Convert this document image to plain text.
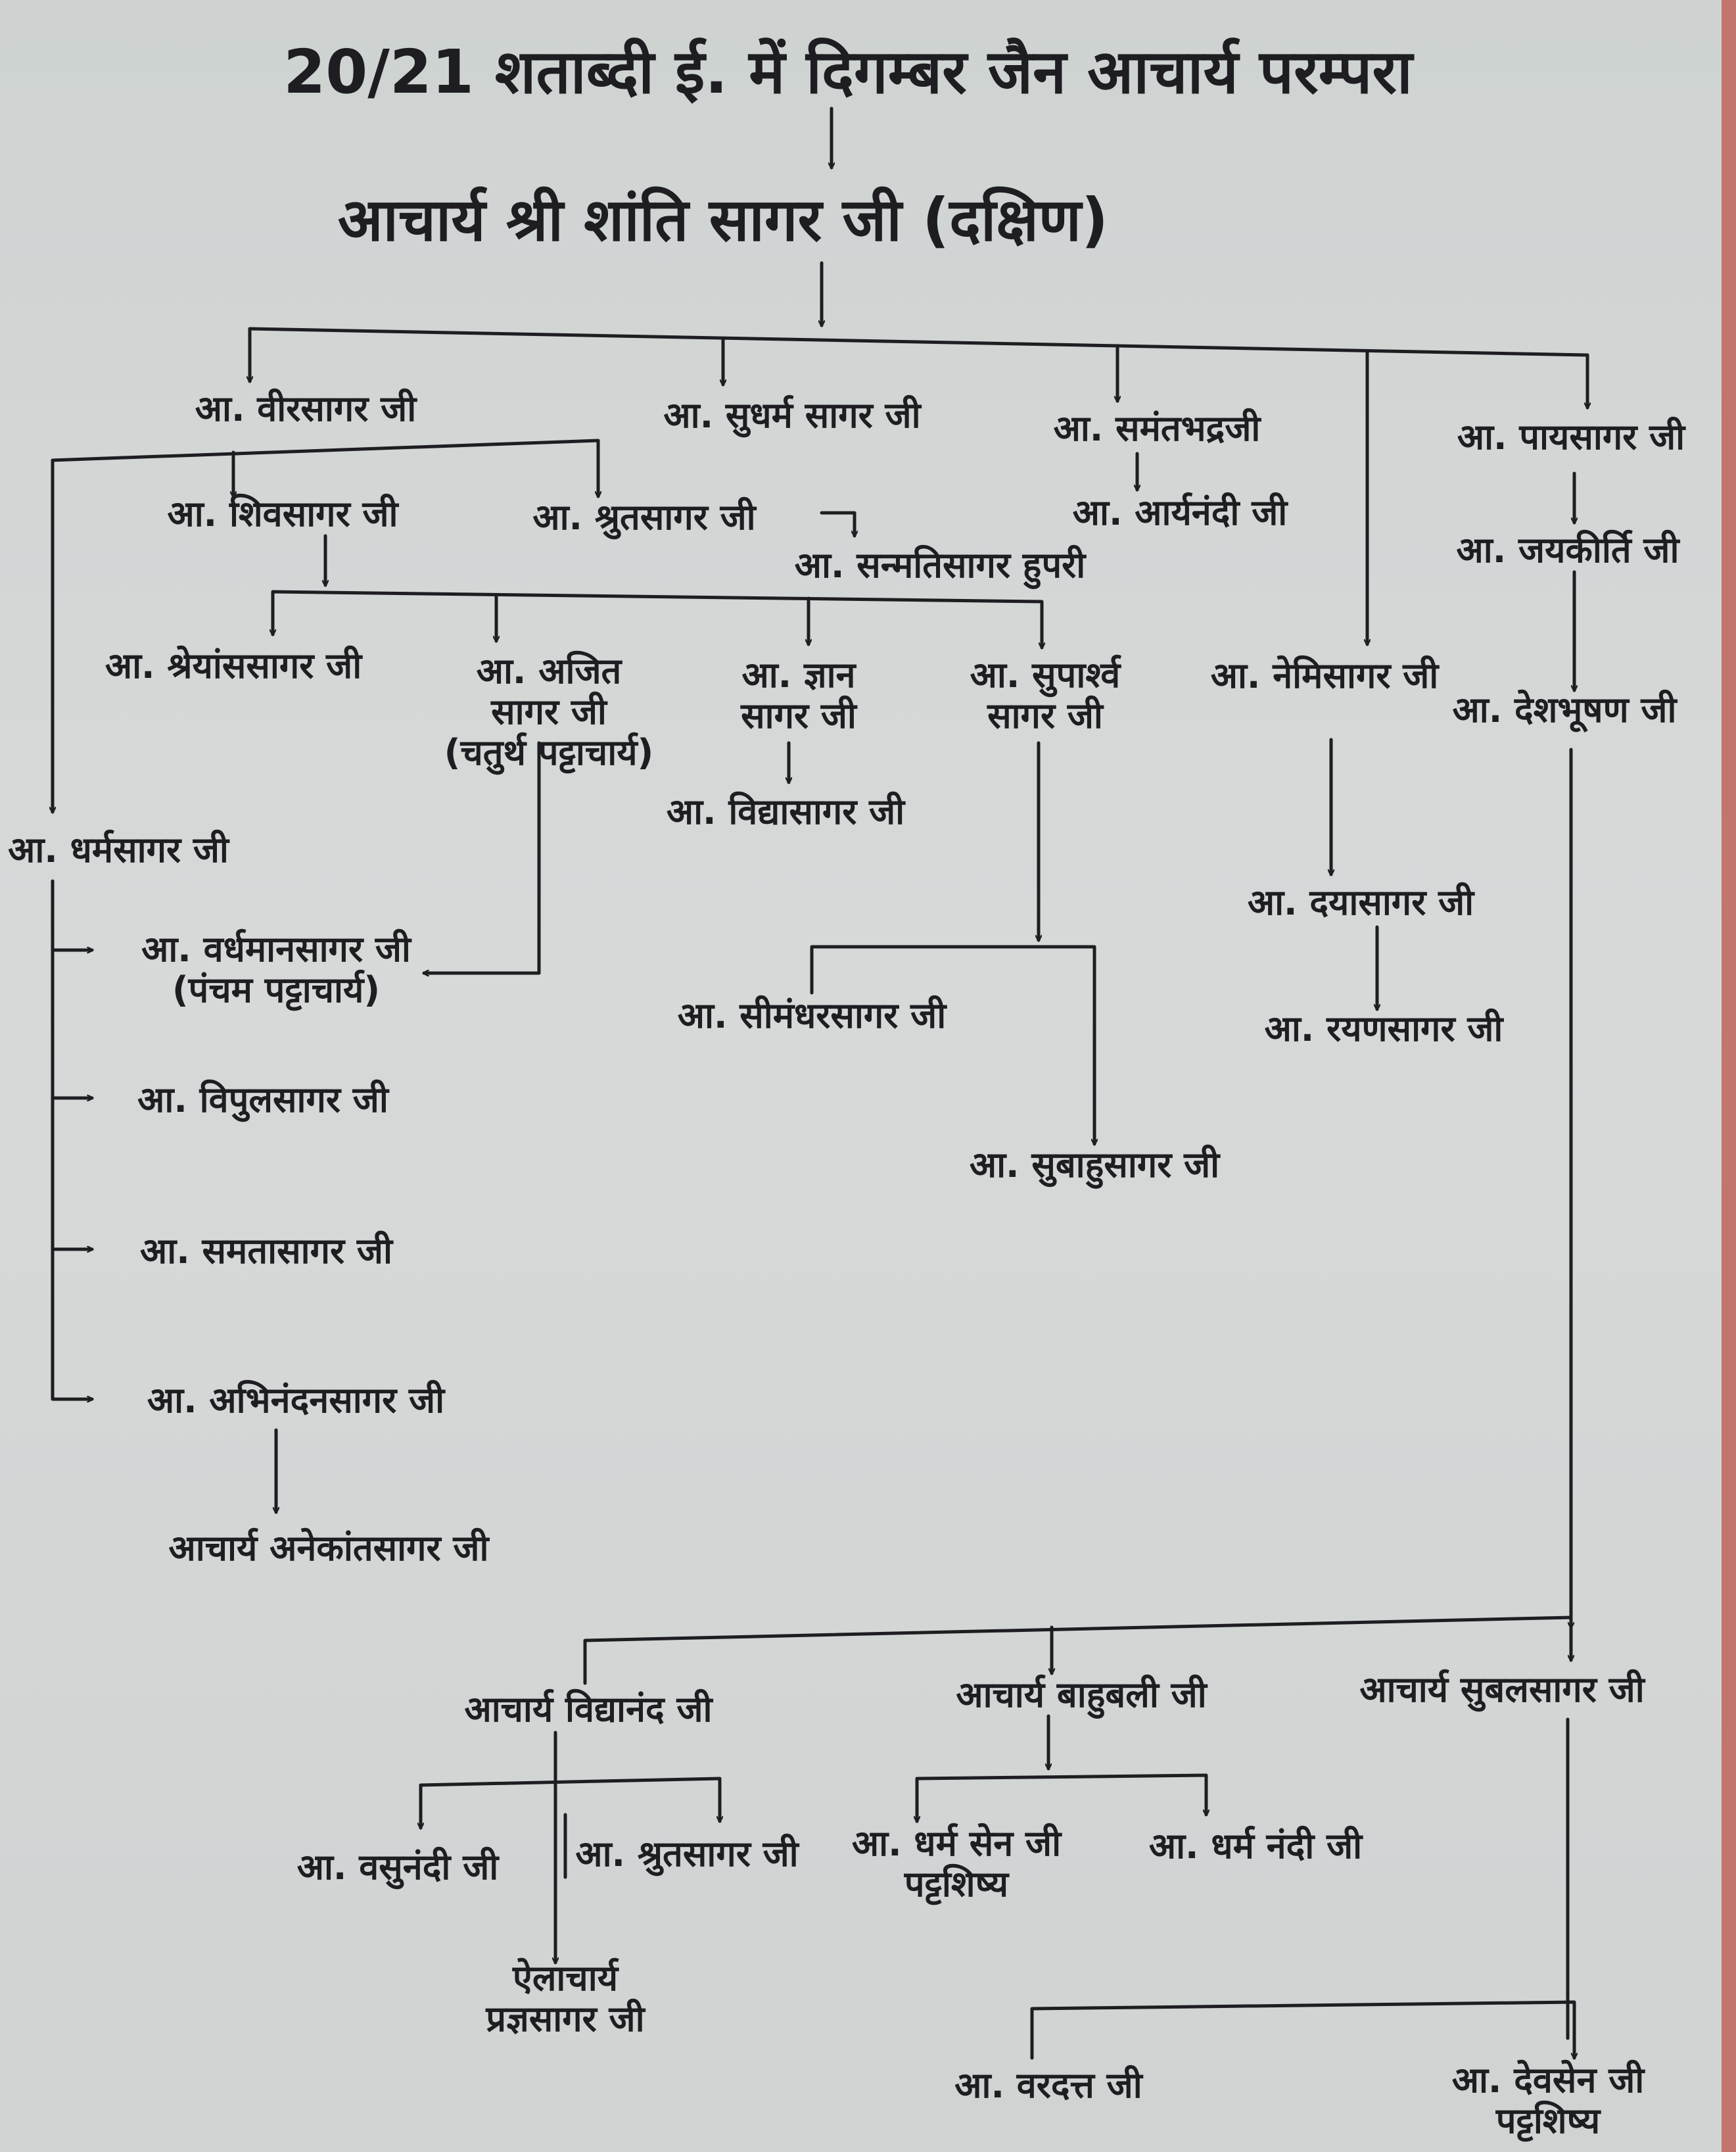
20/21 शताब्दी ई. में दिगम्बर जैन आचार्य परम्परा
आचार्य श्री शांति सागर जी (दक्षिण)
आ. वीरसागर जी	आ. सुधर्म सागर जी	आ. समंतभद्रजी	आ. पायसागर जी
आ. शिवसागर जी	आ. श्रुतसागर जी
आ. सन्मतिसागर हुपरी
आ. आर्यनंदी जी
आ. जयकीर्ति जी
आ. श्रेयांससागर जी	आ. अजित
सागर जी
(चतुर्थ पट्टाचार्य)
आ. ज्ञान
सागर जी
आ. सुपार्श्व
सागर जी
आ. नेमिसागर जी
आ. देशभूषण जी
आ. विद्यासागर जी
आ. धर्मसागर जी
आ. दयासागर जी
आ. वर्धमानसागर जी
(पंचम पट्टाचार्य)
आ. सीमंधरसागर जी	आ. रयणसागर जी
आ. विपुलसागर जी
आ. सुबाहुसागर जी
आ. समतासागर जी
आ. अभिनंदनसागर जी
आचार्य अनेकांतसागर जी
आचार्य विद्यानंद जी	आचार्य बाहुबली जी	आचार्य सुबलसागर जी
आ. वसुनंदी जी आ. श्रुतसागर जी आ. धर्म सेन जी
पट्टशिष्य
आ. धर्म नंदी जी
ऐलाचार्य
प्रज्ञसागर जी
आ. वरदत्त जी	आ. देवसेन जी
पट्टशिष्य
